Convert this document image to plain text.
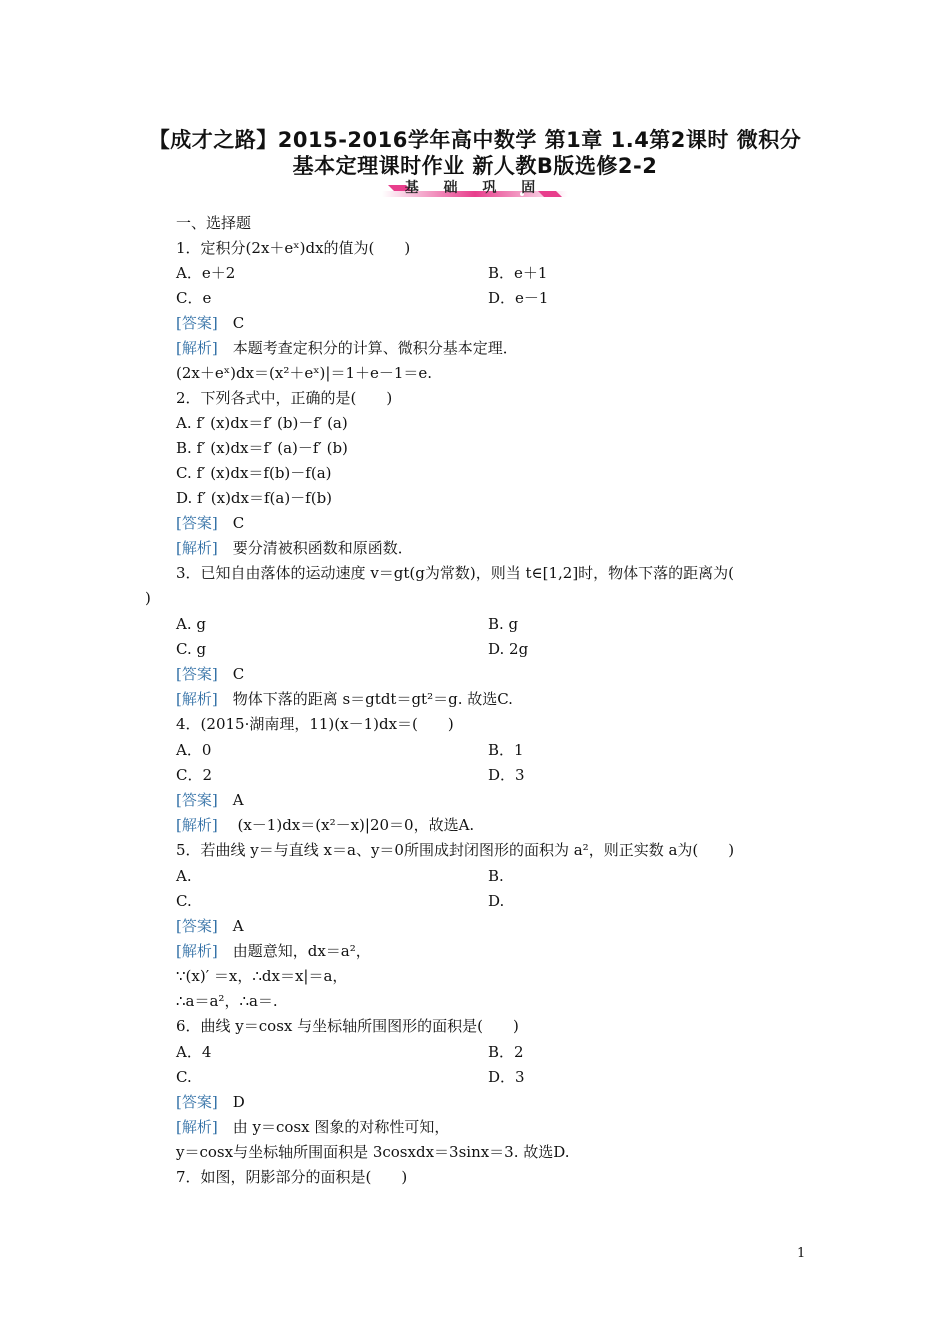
【成才之路】2015-2016学年高中数学 第1章 1.4第2课时 微积分
基本定理课时作业 新人教B版选修2-2
基 础 巩 固
一、选择题
1．定积分(2x＋eˣ)dx的值为(　　)
A．e＋2	B．e＋1
C．e	D．e－1
[答案]　C
[解析]　本题考查定积分的计算、微积分基本定理．
(2x＋eˣ)dx＝(x²＋eˣ)|＝1＋e－1＝e.
2．下列各式中，正确的是(　　)
A. f′ (x)dx＝f′ (b)－f′ (a)
B. f′ (x)dx＝f′ (a)－f′ (b)
C. f′ (x)dx＝f(b)－f(a)
D. f′ (x)dx＝f(a)－f(b)
[答案]　C
[解析]　要分清被积函数和原函数．
3．已知自由落体的运动速度 v＝gt(g为常数)，则当 t∈[1,2]时，物体下落的距离为(
)
A. g	B. g
C. g	D. 2g
[答案]　C
[解析]　物体下落的距离 s＝gtdt＝gt²＝g. 故选C.
4．(2015·湖南理，11)(x－1)dx＝(　　)
A．0	B．1
C．2	D．3
[答案]　A
[解析]　 (x－1)dx＝(x²－x)|20＝0，故选A.
5．若曲线 y＝与直线 x＝a、y＝0所围成封闭图形的面积为 a²，则正实数 a为(　　)
A.	B.
C.	D.
[答案]　A
[解析]　由题意知，dx＝a²，
∵(x)′ ＝x，∴dx＝x|＝a，
∴a＝a²，∴a＝.
6．曲线 y＝cosx 与坐标轴所围图形的面积是(　　)
A．4	B．2
C.	D．3
[答案]　D
[解析]　由 y＝cosx 图象的对称性可知，
y＝cosx与坐标轴所围面积是 3cosxdx＝3sinx＝3. 故选D.
7．如图，阴影部分的面积是(　　)
1
